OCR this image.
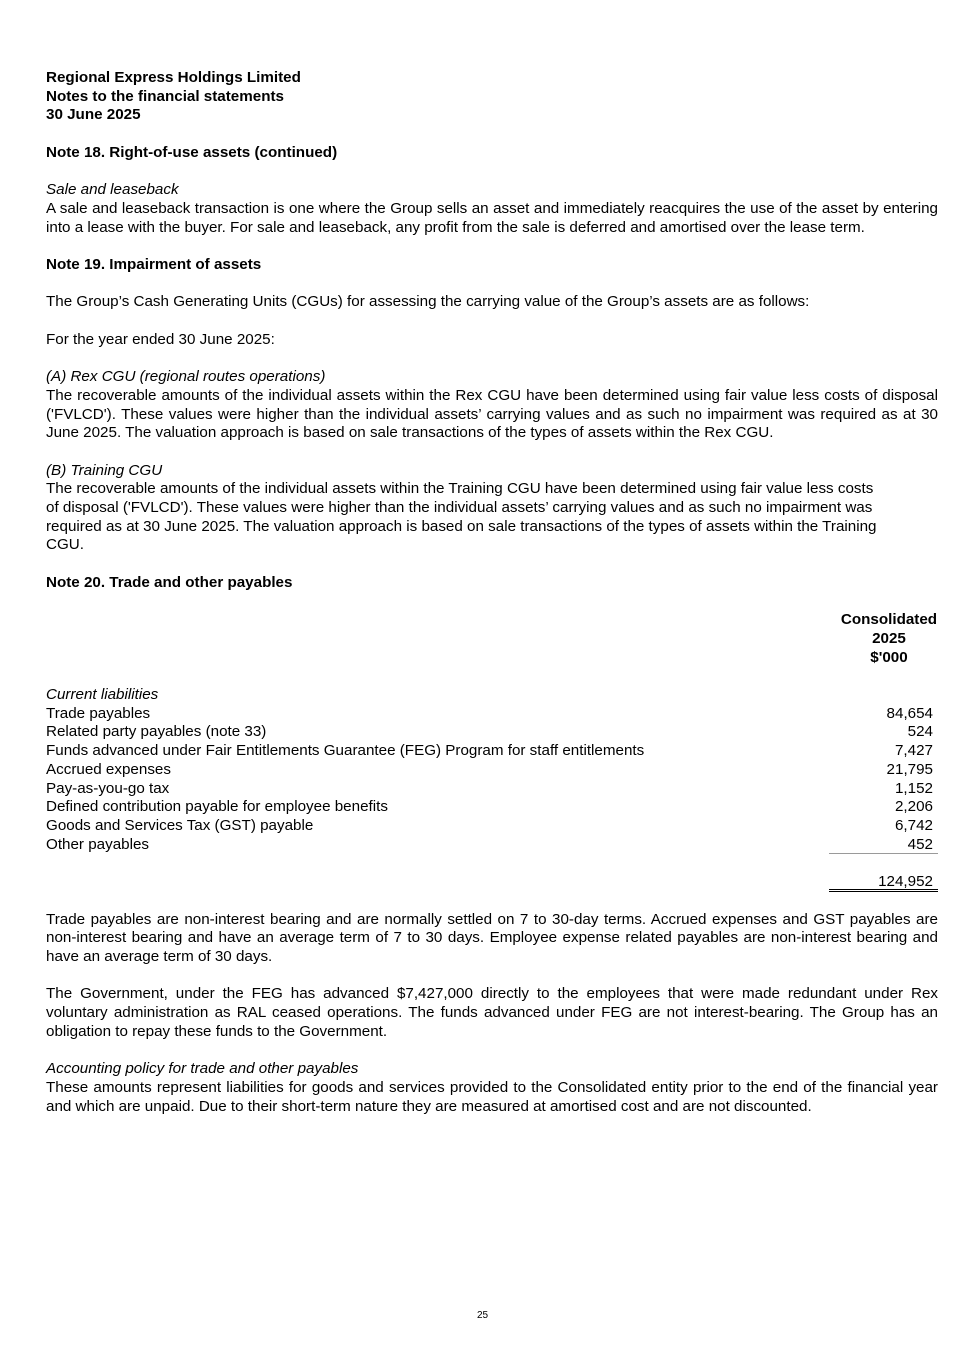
Regional Express Holdings Limited
Notes to the financial statements
30 June 2025
Note 18. Right-of-use assets (continued)
Sale and leaseback
A sale and leaseback transaction is one where the Group sells an asset and immediately reacquires the use of the asset by entering into a lease with the buyer. For sale and leaseback, any profit from the sale is deferred and amortised over the lease term.
Note 19. Impairment of assets
The Group’s Cash Generating Units (CGUs) for assessing the carrying value of the Group’s assets are as follows:
For the year ended 30 June 2025:
(A) Rex CGU (regional routes operations)
The recoverable amounts of the individual assets within the Rex CGU have been determined using fair value less costs of disposal ('FVLCD'). These values were higher than the individual assets’ carrying values and as such no impairment was required as at 30 June 2025. The valuation approach is based on sale transactions of the types of assets within the Rex CGU.
(B) Training CGU
The recoverable amounts of the individual assets within the Training CGU have been determined using fair value less costs
of disposal ('FVLCD'). These values were higher than the individual assets’ carrying values and as such no impairment was
required as at 30 June 2025. The valuation approach is based on sale transactions of the types of assets within the Training
CGU.
Note 20. Trade and other payables
Consolidated
2025
$'000
Current liabilities
Trade payables	84,654
Related party payables (note 33)	524
Funds advanced under Fair Entitlements Guarantee (FEG) Program for staff entitlements	7,427
Accrued expenses	21,795
Pay-as-you-go tax	1,152
Defined contribution payable for employee benefits	2,206
Goods and Services Tax (GST) payable	6,742
Other payables	452
124,952
Trade payables are non-interest bearing and are normally settled on 7 to 30-day terms. Accrued expenses and GST payables are non-interest bearing and have an average term of 7 to 30 days. Employee expense related payables are non-interest bearing and have an average term of 30 days.
The Government, under the FEG has advanced $7,427,000 directly to the employees that were made redundant under Rex voluntary administration as RAL ceased operations. The funds advanced under FEG are not interest-bearing. The Group has an obligation to repay these funds to the Government.
Accounting policy for trade and other payables
These amounts represent liabilities for goods and services provided to the Consolidated entity prior to the end of the financial year and which are unpaid. Due to their short-term nature they are measured at amortised cost and are not discounted.
25
